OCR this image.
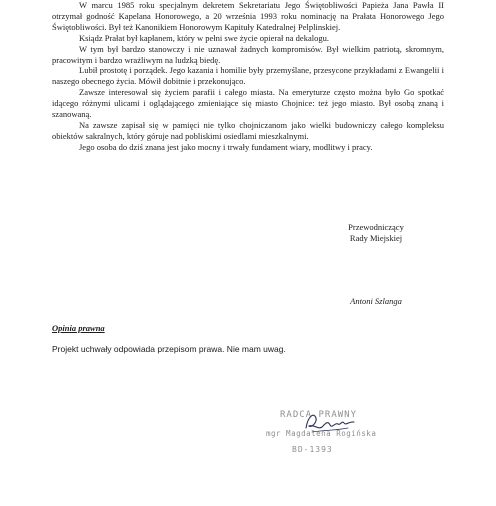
W marcu 1985 roku specjalnym dekretem Sekretariatu Jego Świętobliwości Papieża Jana Pawła II otrzymał godność Kapelana Honorowego, a 20 września 1993 roku nominację na Prałata Honorowego Jego Świętobliwości. Był też Kanonikiem Honorowym Kapituły Katedralnej Pelplinskiej.

Ksiądz Prałat był kapłanem, który w pełni swe życie opierał na dekalogu.

W tym był bardzo stanowczy i nie uznawał żadnych kompromisów. Był wielkim patriotą, skromnym, pracowitym i bardzo wrażliwym na ludzką biedę.

Lubił prostotę i porządek. Jego kazania i homilie były przemyślane, przesycone przykładami z Ewangelii i naszego obecnego życia. Mówił dobitnie i przekonująco.

Zawsze interesował się życiem parafii i całego miasta. Na emeryturze często można było Go spotkać idącego różnymi ulicami i oglądającego zmieniające się miasto Chojnice: też jego miasto. Był osobą znaną i szanowaną.

Na zawsze zapisał się w pamięci nie tylko chojniczanom jako wielki budowniczy całego kompleksu obiektów sakralnych, który góruje nad pobliskimi osiedlami mieszkalnymi.

Jego osoba do dziś znana jest jako mocny i trwały fundament wiary, modlitwy i pracy.

Przewodniczący
Rady Miejskiej
Antoni Szlanga
Opinia prawna
Projekt uchwały odpowiada przepisom prawa. Nie mam uwag.
RADCA PRAWNY
mgr Magdalena Rogińska
BD-1393
